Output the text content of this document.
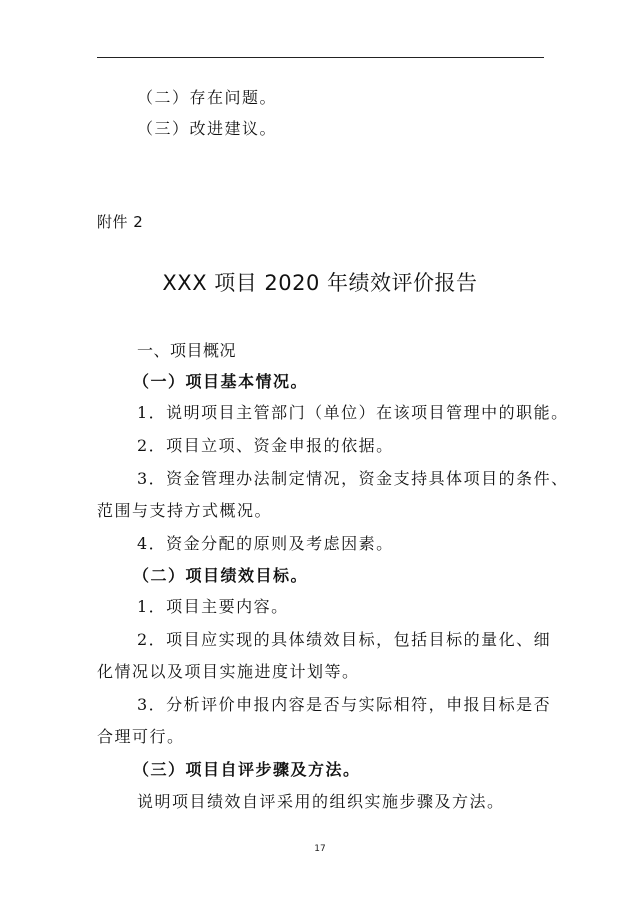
（二）存在问题。
（三）改进建议。
附件 2
XXX 项目 2020 年绩效评价报告
一、项目概况
（一）项目基本情况。
1．说明项目主管部门（单位）在该项目管理中的职能。
2．项目立项、资金申报的依据。
3．资金管理办法制定情况，资金支持具体项目的条件、
范围与支持方式概况。
4．资金分配的原则及考虑因素。
（二）项目绩效目标。
1．项目主要内容。
2．项目应实现的具体绩效目标，包括目标的量化、细
化情况以及项目实施进度计划等。
3．分析评价申报内容是否与实际相符，申报目标是否
合理可行。
（三）项目自评步骤及方法。
说明项目绩效自评采用的组织实施步骤及方法。
17
